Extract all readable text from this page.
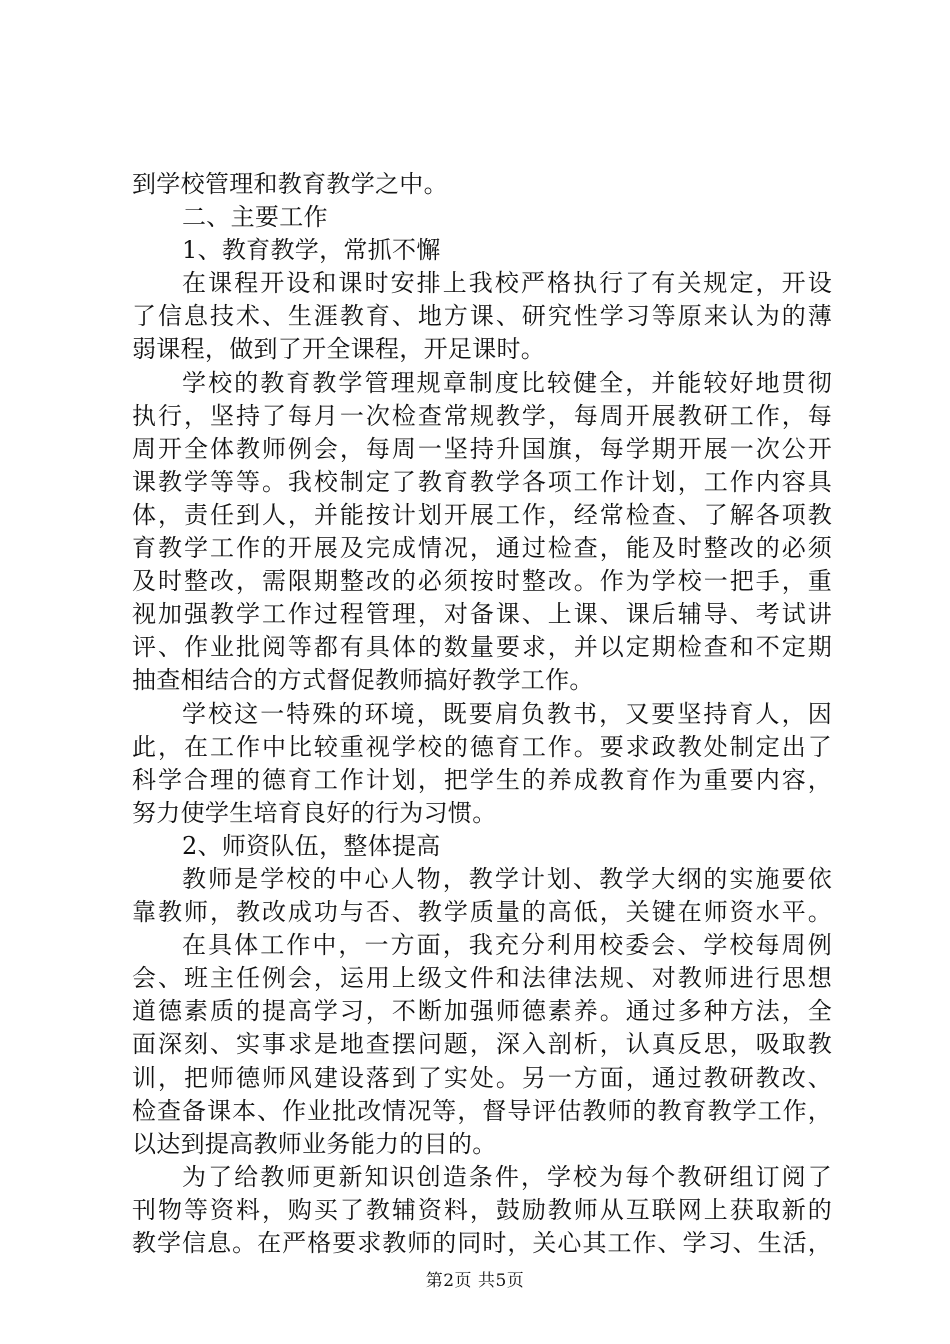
到学校管理和教育教学之中。
二、主要工作
1、教育教学，常抓不懈
在课程开设和课时安排上我校严格执行了有关规定，开设
了信息技术、生涯教育、地方课、研究性学习等原来认为的薄
弱课程，做到了开全课程，开足课时。
学校的教育教学管理规章制度比较健全，并能较好地贯彻
执行，坚持了每月一次检查常规教学，每周开展教研工作，每
周开全体教师例会，每周一坚持升国旗，每学期开展一次公开
课教学等等。我校制定了教育教学各项工作计划，工作内容具
体，责任到人，并能按计划开展工作，经常检查、了解各项教
育教学工作的开展及完成情况，通过检查，能及时整改的必须
及时整改，需限期整改的必须按时整改。作为学校一把手，重
视加强教学工作过程管理，对备课、上课、课后辅导、考试讲
评、作业批阅等都有具体的数量要求，并以定期检查和不定期
抽查相结合的方式督促教师搞好教学工作。
学校这一特殊的环境，既要肩负教书，又要坚持育人，因
此，在工作中比较重视学校的德育工作。要求政教处制定出了
科学合理的德育工作计划，把学生的养成教育作为重要内容，
努力使学生培育良好的行为习惯。
2、师资队伍，整体提高
教师是学校的中心人物，教学计划、教学大纲的实施要依
靠教师，教改成功与否、教学质量的高低，关键在师资水平。
在具体工作中，一方面，我充分利用校委会、学校每周例
会、班主任例会，运用上级文件和法律法规、对教师进行思想
道德素质的提高学习，不断加强师德素养。通过多种方法，全
面深刻、实事求是地查摆问题，深入剖析，认真反思，吸取教
训，把师德师风建设落到了实处。另一方面，通过教研教改、
检查备课本、作业批改情况等，督导评估教师的教育教学工作，
以达到提高教师业务能力的目的。
为了给教师更新知识创造条件，学校为每个教研组订阅了
刊物等资料，购买了教辅资料，鼓励教师从互联网上获取新的
教学信息。在严格要求教师的同时，关心其工作、学习、生活，
第2页 共5页
